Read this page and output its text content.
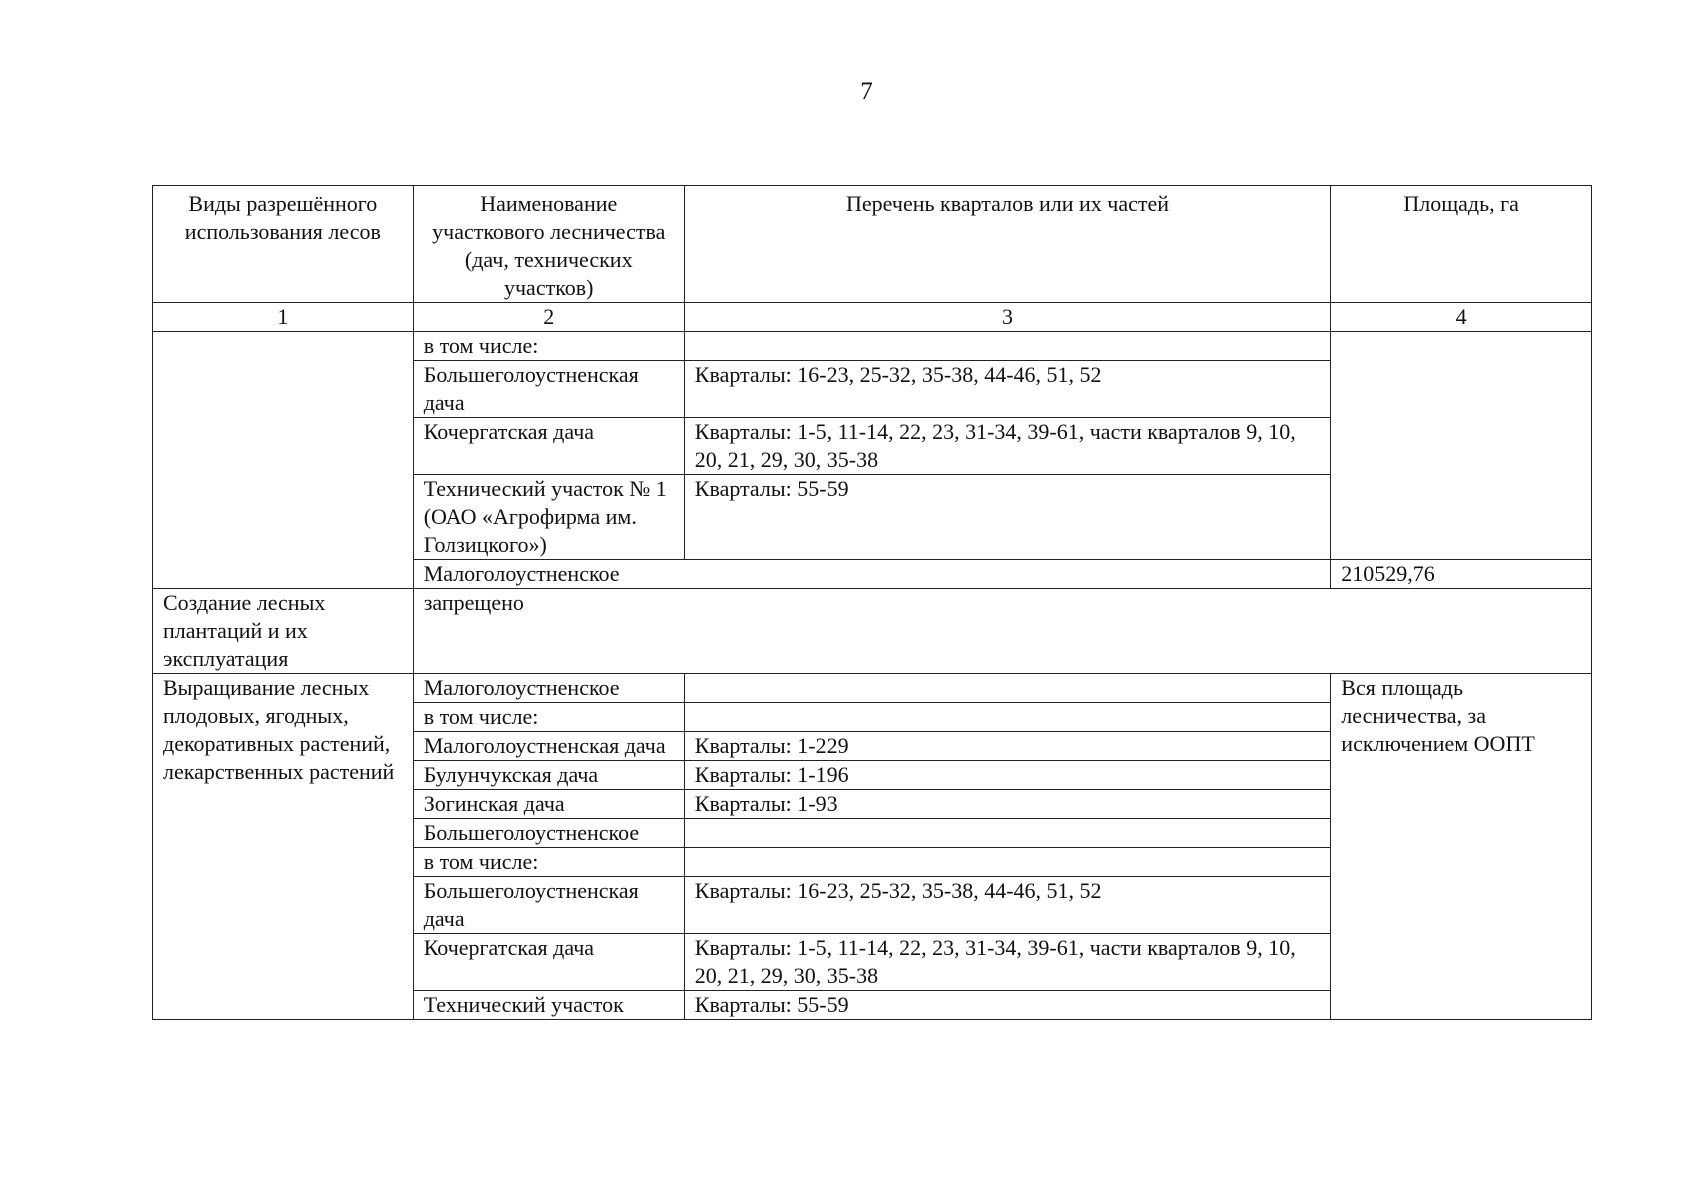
7
Виды разрешённого использования лесов	Наименование участкового лесничества (дач, технических участков)	Перечень кварталов или их частей	Площадь, га
1	2	3	4
	в том числе:		
	Большеголоустненская дача	Кварталы: 16-23, 25-32, 35-38, 44-46, 51, 52	
	Кочергатская дача	Кварталы: 1-5, 11-14, 22, 23, 31-34, 39-61, части кварталов 9, 10, 20, 21, 29, 30, 35-38	
	Технический участок № 1 (ОАО «Агрофирма им. Голзицкого»)	Кварталы: 55-59	
	Малоголоустненское		210529,76
Создание лесных плантаций и их эксплуатация	запрещено		
Выращивание лесных плодовых, ягодных, декоративных растений, лекарственных растений	Малоголоустненское		Вся площадь лесничества, за исключением ООПТ
	в том числе:		
	Малоголоустненская дача	Кварталы: 1-229	
	Булунчукская дача	Кварталы: 1-196	
	Зогинская дача	Кварталы: 1-93	
	Большеголоустненское		
	в том числе:		
	Большеголоустненская дача	Кварталы: 16-23, 25-32, 35-38, 44-46, 51, 52	
	Кочергатская дача	Кварталы: 1-5, 11-14, 22, 23, 31-34, 39-61, части кварталов 9, 10, 20, 21, 29, 30, 35-38	
	Технический участок	Кварталы: 55-59	
